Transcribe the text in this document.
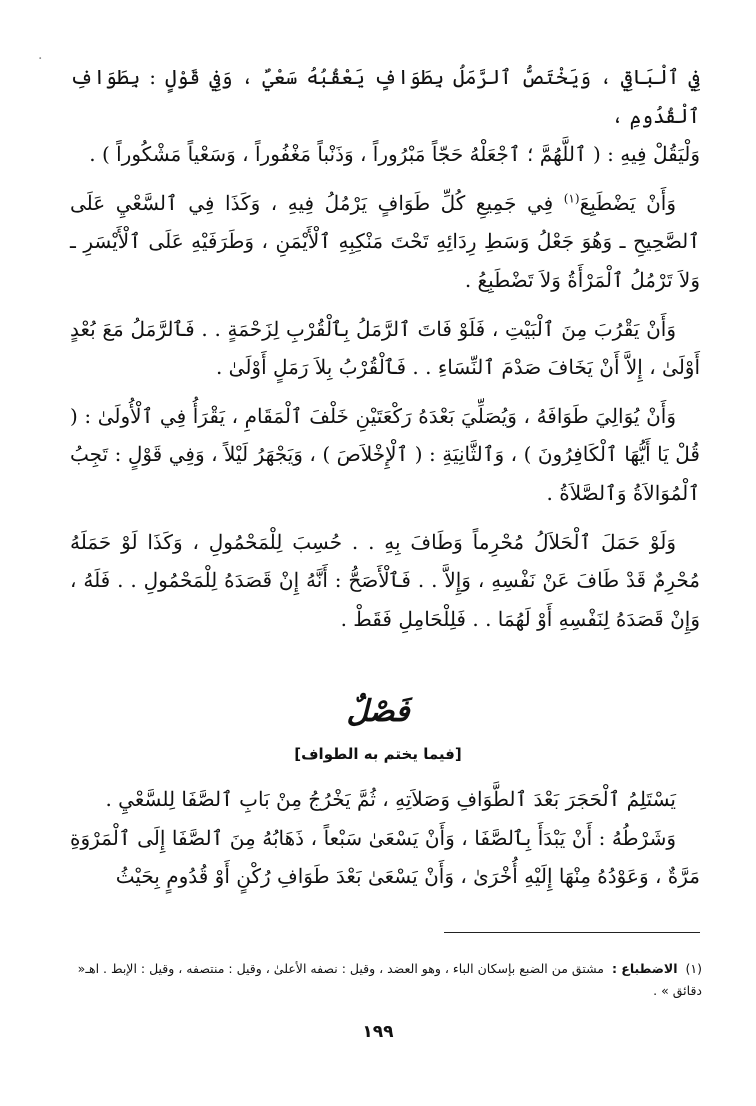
·

فِي ٱلْبَاقِي ، وَيَخْتَصُّ ٱلرَّمَلُ بِطَوَافٍ يَعْقُبُهُ سَعْيٌ ، وَفِي قَوْلٍ : بِطَوَافِ ٱلْقُدُومِ ،
وَلْيَقُلْ فِيهِ : ( ٱللَّهُمَّ ؛ ٱجْعَلْهُ حَجّاً مَبْرُوراً ، وَذَنْباً مَغْفُوراً ، وَسَعْياً مَشْكُوراً ) .

وَأَنْ يَضْطَبِعَ$^{(١)}$ فِي جَمِيعِ كُلِّ طَوَافٍ يَرْمُلُ فِيهِ ، وَكَذَا فِي ٱلسَّعْيِ عَلَى ٱلصَّحِيحِ ـ وَهُوَ جَعْلُ وَسَطِ رِدَائِهِ تَحْتَ مَنْكِبِهِ ٱلْأَيْمَنِ ، وَطَرَفَيْهِ عَلَى ٱلْأَيْسَرِ ـ وَلاَ تَرْمُلُ ٱلْمَرْأَةُ وَلاَ تَضْطَبِعُ .

وَأَنْ يَقْرُبَ مِنَ ٱلْبَيْتِ ، فَلَوْ فَاتَ ٱلرَّمَلُ بِٱلْقُرْبِ لِزَحْمَةٍ . . فَٱلرَّمَلُ مَعَ بُعْدٍ أَوْلَىٰ ، إِلاَّ أَنْ يَخَافَ صَدْمَ ٱلنِّسَاءِ . . فَٱلْقُرْبُ بِلاَ رَمَلٍ أَوْلَىٰ .

وَأَنْ يُوَالِيَ طَوَافَهُ ، وَيُصَلِّيَ بَعْدَهُ رَكْعَتَيْنِ خَلْفَ ٱلْمَقَامِ ، يَقْرَأُ فِي ٱلْأُولَىٰ : ( قُلْ يَا أَيُّهَا ٱلْكَافِرُونَ ) ، وَٱلثَّانِيَةِ : ( ٱلْإِخْلاَصَ ) ، وَيَجْهَرُ لَيْلاً ، وَفِي قَوْلٍ : تَجِبُ ٱلْمُوَالاَةُ وَٱلصَّلاَةُ .

وَلَوْ حَمَلَ ٱلْحَلاَلُ مُحْرِماً وَطَافَ بِهِ . . حُسِبَ لِلْمَحْمُولِ ، وَكَذَا لَوْ حَمَلَهُ مُحْرِمٌ قَدْ طَافَ عَنْ نَفْسِهِ ، وَإِلاَّ . . فَٱلْأَصَحُّ : أَنَّهُ إِنْ قَصَدَهُ لِلْمَحْمُولِ . . فَلَهُ ، وَإِنْ قَصَدَهُ لِنَفْسِهِ أَوْ لَهُمَا . . فَلِلْحَامِلِ فَقَطْ .

فَصْلٌ
[فيما يختم به الطواف]

يَسْتَلِمُ ٱلْحَجَرَ بَعْدَ ٱلطَّوَافِ وَصَلاَتِهِ ، ثُمَّ يَخْرُجُ مِنْ بَابِ ٱلصَّفَا لِلسَّعْيِ .

وَشَرْطُهُ : أَنْ يَبْدَأَ بِٱلصَّفَا ، وَأَنْ يَسْعَىٰ سَبْعاً ، ذَهَابُهُ مِنَ ٱلصَّفَا إِلَى ٱلْمَرْوَةِ مَرَّةٌ ، وَعَوْدُهُ مِنْهَا إِلَيْهِ أُخْرَىٰ ، وَأَنْ يَسْعَىٰ بَعْدَ طَوَافِ رُكْنٍ أَوْ قُدُومٍ بِحَيْثُ

(١)الاضطباع : مشتق من الضبع بإسكان الباء ، وهو العضد ، وقيل : نصفه الأعلىٰ ، وقيل : منتصفه ، وقيل : الإبط . اهـ« دقائق » .
١٩٩
